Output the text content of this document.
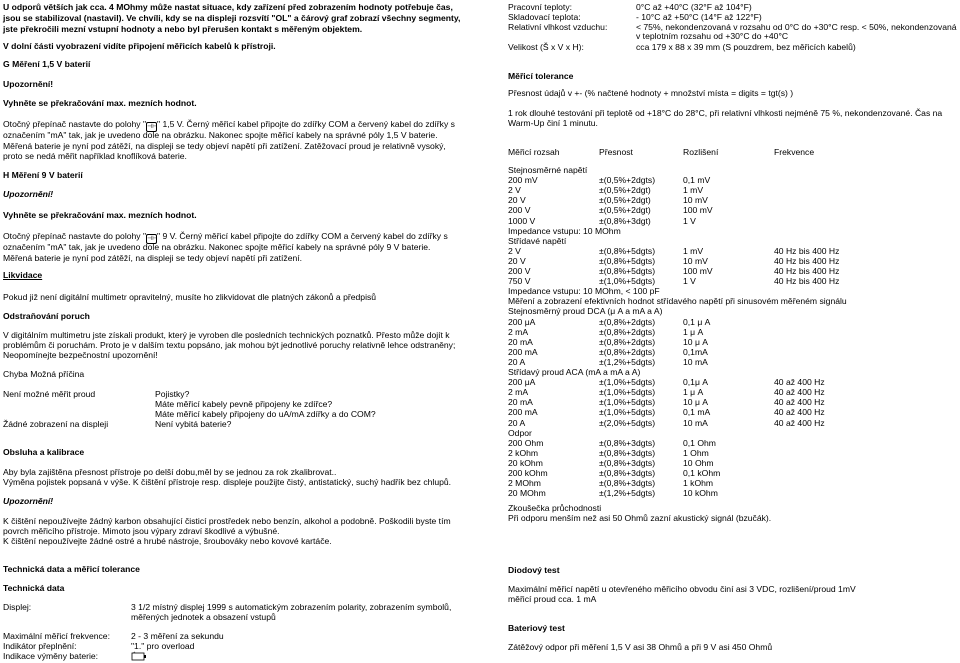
U odporů větších jak cca. 4 MOhmy může nastat situace, kdy zařízení před zobrazením hodnoty potřebuje čas,
jsou se stabilizoval (nastavil). Ve chvíli, kdy se na displeji rozsvítí "OL" a čárový graf zobrazí všechny segmenty,
jste překročili mezní vstupní hodnoty a nebo byl přerušen kontakt s měřeným objektem.
V dolní části vyobrazení vidíte připojení měřicích kabelů k přístroji.
G Měření 1,5 V baterií
Upozornění!
Vyhněte se překračování max. mezních hodnot.
Otočný přepínač nastavte do polohy "⊣⊢" 1,5 V. Černý měřicí kabel připojte do zdířky COM a červený kabel do zdířky s
označením "mA" tak, jak je uvedeno dole na obrázku. Nakonec spojte měřicí kabely na správné póly 1,5 V baterie.
Měřená baterie je nyní pod zátěží, na displeji se tedy objeví napětí při zatížení. Zatěžovací proud je relativně vysoký,
proto se nedá měřit například knoflíková baterie.
H Měření 9 V baterií
Upozornění!
Vyhněte se překračování max. mezních hodnot.
Otočný přepínač nastavte do polohy "⊣⊢" 9 V. Černý měřicí kabel připojte do zdířky COM a červený kabel do zdířky s
označením "mA" tak, jak je uvedeno dole na obrázku. Nakonec spojte měřicí kabely na správné póly 9 V baterie.
Měřená baterie je nyní pod zátěží, na displeji se tedy objeví napětí při zatížení.
Likvidace
Pokud již není digitální multimetr opravitelný, musíte ho zlikvidovat dle platných zákonů a předpisů
Odstraňování poruch
V digitálním multimetru jste získali produkt, který je vyroben dle posledních technických poznatků. Přesto může dojít k
problémům či poruchám. Proto je v dalším textu popsáno, jak mohou být jednotlivé poruchy relativně lehce odstraněny;
Neopomínejte bezpečnostní upozornění!
Chyba Možná příčina
Není možné měřit proud	Pojistky?
Máte měřicí kabely pevně připojeny ke zdířce?
Máte měřicí kabely připojeny do uA/mA zdířky a do COM?
Žádné zobrazení na displeji	Není vybitá baterie?
Obsluha a kalibrace
Aby byla zajištěna přesnost přístroje po delší dobu,měl by se jednou za rok zkalibrovat..
Výměna pojistek popsaná v výše. K čištění přístroje resp. displeje použijte čistý, antistatický, suchý hadřík bez chlupů.
Upozornění!
K čištění nepoužívejte žádný karbon obsahující čisticí prostředek nebo benzín, alkohol a podobně. Poškodili byste tím
povrch měřicího přístroje. Mimoto jsou výpary zdraví škodlivé a výbušné.
K čištění nepoužívejte žádné ostré a hrubé nástroje, šroubováky nebo kovové kartáče.
Technická data a měřicí tolerance
Technická data
Displej:	3 1/2 místný displej 1999 s automatickým zobrazením polarity, zobrazením symbolů,
měřených jednotek a obsazení vstupů
Maximální měřicí frekvence: 2 - 3 měření za sekundu
Indikátor přeplnění:	"1." pro overload
Indikace výměny baterie:	+
Pracovní teploty:	0°C až +40°C (32°F až 104°F)
Skladovací teplota:	- 10°C až +50°C (14°F až 122°F)
Relativní vlhkost vzduchu:	< 75%, nekondenzovaná v rozsahu od 0°C do +30°C resp. < 50%, nekondenzovaná
v teplotním rozsahu od +30°C do +40°C
Velikost (Š x V x H):	cca 179 x 88 x 39 mm (S pouzdrem, bez měřicích kabelů)
Měřicí tolerance
Přesnost údajů v +- (% načtené hodnoty + množství místa = digits = tgt(s) )
1 rok dlouhé testování při teplotě od +18°C do 28°C, při relativní vlhkosti nejméně 75 %, nekondenzované. Čas na
Warm-Up činí 1 minutu.
Měřicí rozsah	Přesnost	Rozlišení	Frekvence
Stejnosměrné napětí
200 mV	±(0,5%+2dgts)	0,1 mV
2 V	±(0,5%+2dgt)	1 mV
20 V	±(0,5%+2dgt)	10 mV
200 V	±(0,5%+2dgt)	100 mV
1000 V	±(0,8%+3dgt)	1 V
Impedance vstupu: 10 MOhm
Střídavé napětí
2 V	±(0,8%+5dgts)	1 mV	40 Hz bis 400 Hz
20 V	±(0,8%+5dgts)	10 mV	40 Hz bis 400 Hz
200 V	±(0,8%+5dgts)	100 mV	40 Hz bis 400 Hz
750 V	±(1,0%+5dgts)	1 V	40 Hz bis 400 Hz
Impedance vstupu: 10 MOhm, < 100 pF
Měření a zobrazení efektivních hodnot střídavého napětí při sinusovém měřeném signálu
Stejnosměrný proud DCA (μ A a mA a A)
200 μA	±(0,8%+2dgts)	0,1 μ A
2 mA	±(0,8%+2dgts)	1 μ A
20 mA	±(0,8%+2dgts)	10 μ A
200 mA	±(0,8%+2dgts)	0,1mA
20 A	±(1,2%+5dgts)	10 mA
Střídavý proud ACA (mA a mA a A)
200 μA	±(1,0%+5dgts)	0,1μ A	40 až 400 Hz
2 mA	±(1,0%+5dgts)	1 μ A	40 až 400 Hz
20 mA	±(1,0%+5dgts)	10 μ A	40 až 400 Hz
200 mA	±(1,0%+5dgts)	0,1 mA	40 až 400 Hz
20 A	±(2,0%+5dgts)	10 mA	40 až 400 Hz
Odpor
200 Ohm	±(0,8%+3dgts)	0,1 Ohm
2 kOhm	±(0,8%+3dgts)	1 Ohm
20 kOhm	±(0,8%+3dgts)	10 Ohm
200 kOhm	±(0,8%+3dgts)	0,1 kOhm
2 MOhm	±(0,8%+3dgts)	1 kOhm
20 MOhm	±(1,2%+5dgts)	10 kOhm
Zkoušečka průchodnosti
Při odporu menším než asi 50 Ohmů zazní akustický signál (bzučák).
Diodový test
Maximální měřicí napětí u otevřeného měřicího obvodu činí asi 3 VDC, rozlišení/proud 1mV
měřicí proud cca. 1 mA
Bateriový test
Zátěžový odpor při měření 1,5 V asi 38 Ohmů a při 9 V asi 450 Ohmů
